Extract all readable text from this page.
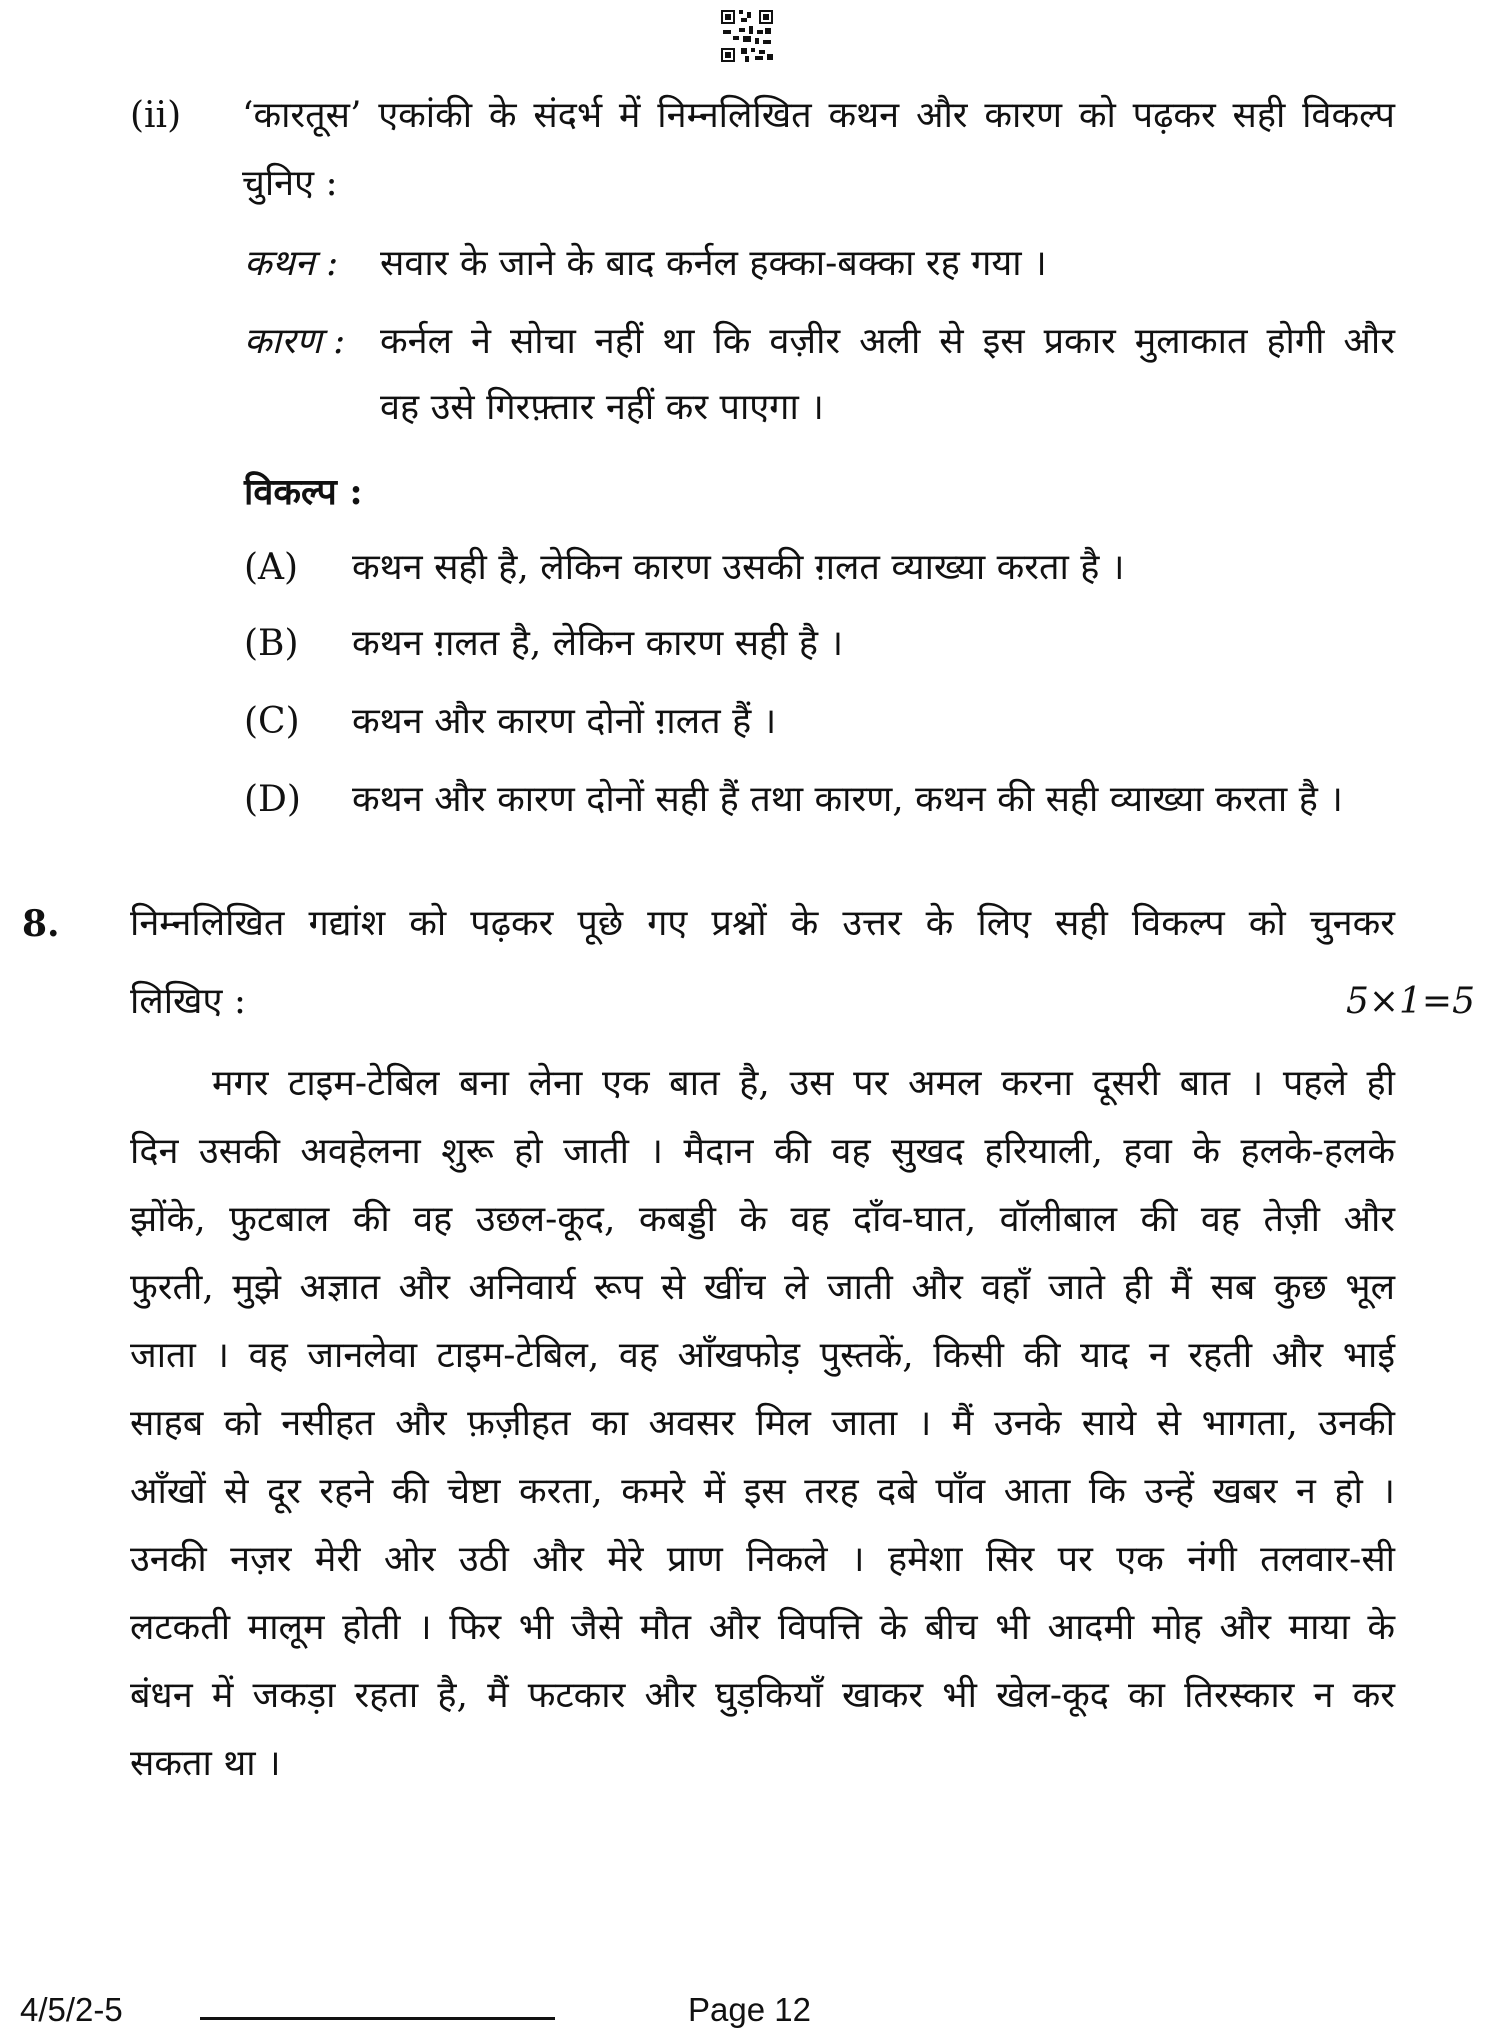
(ii) ‘कारतूस’ एकांकी के संदर्भ में निम्नलिखित कथन और कारण को पढ़कर सही विकल्प
चुनिए :
कथन : सवार के जाने के बाद कर्नल हक्का-बक्का रह गया ।
कारण : कर्नल ने सोचा नहीं था कि वज़ीर अली से इस प्रकार मुलाकात होगी और
वह उसे गिरफ़्तार नहीं कर पाएगा ।
विकल्प :
(A) कथन सही है, लेकिन कारण उसकी ग़लत व्याख्या करता है ।
(B) कथन ग़लत है, लेकिन कारण सही है ।
(C) कथन और कारण दोनों ग़लत हैं ।
(D) कथन और कारण दोनों सही हैं तथा कारण, कथन की सही व्याख्या करता है ।
8. निम्नलिखित गद्यांश को पढ़कर पूछे गए प्रश्नों के उत्तर के लिए सही विकल्प को चुनकर
लिखिए :	5×1=5
मगर टाइम-टेबिल बना लेना एक बात है, उस पर अमल करना दूसरी बात । पहले ही
दिन उसकी अवहेलना शुरू हो जाती । मैदान की वह सुखद हरियाली, हवा के हलके-हलके
झोंके, फुटबाल की वह उछल-कूद, कबड्डी के वह दाँव-घात, वॉलीबाल की वह तेज़ी और
फुरती, मुझे अज्ञात और अनिवार्य रूप से खींच ले जाती और वहाँ जाते ही मैं सब कुछ भूल
जाता । वह जानलेवा टाइम-टेबिल, वह आँखफोड़ पुस्तकें, किसी की याद न रहती और भाई
साहब को नसीहत और फ़ज़ीहत का अवसर मिल जाता । मैं उनके साये से भागता, उनकी
आँखों से दूर रहने की चेष्टा करता, कमरे में इस तरह दबे पाँव आता कि उन्हें खबर न हो ।
उनकी नज़र मेरी ओर उठी और मेरे प्राण निकले । हमेशा सिर पर एक नंगी तलवार-सी
लटकती मालूम होती । फिर भी जैसे मौत और विपत्ति के बीच भी आदमी मोह और माया के
बंधन में जकड़ा रहता है, मैं फटकार और घुड़कियाँ खाकर भी खेल-कूद का तिरस्कार न कर
सकता था ।
4/5/2-5	Page 12
